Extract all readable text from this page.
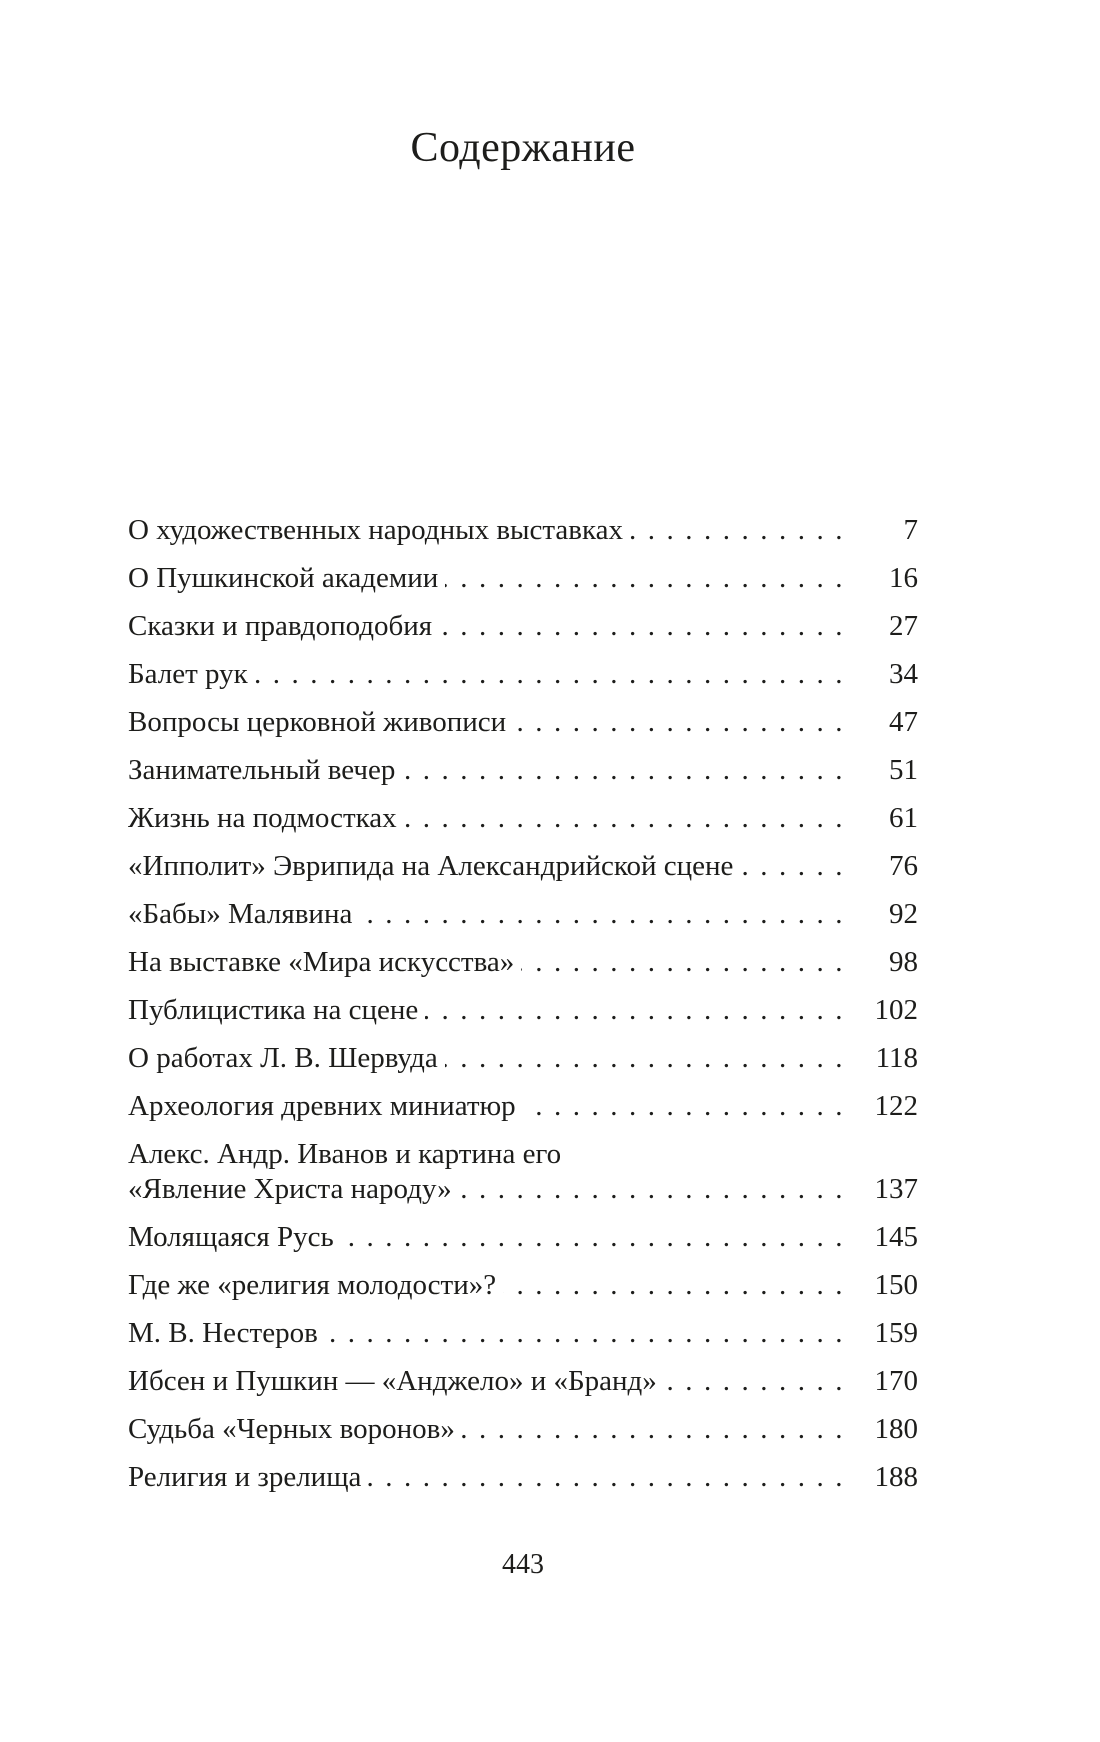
Содержание
О художественных народных выставках .....	7
О Пушкинской академии .....	16
Сказки и правдоподобия .....	27
Балет рук .....	34
Вопросы церковной живописи .....	47
Занимательный вечер .....	51
Жизнь на подмостках .....	61
«Ипполит» Эврипида на Александрийской сцене .....	76
«Бабы» Малявина .....	92
На выставке «Мира искусства» .....	98
Публицистика на сцене .....	102
О работах Л. В. Шервуда .....	118
Археология древних миниатюр .....	122
Алекс. Андр. Иванов и картина его
«Явление Христа народу» .....	137
Молящаяся Русь .....	145
Где же «религия молодости»? .....	150
М. В. Нестеров .....	159
Ибсен и Пушкин — «Анджело» и «Бранд» .....	170
Судьба «Черных воронов» .....	180
Религия и зрелища .....	188
443
